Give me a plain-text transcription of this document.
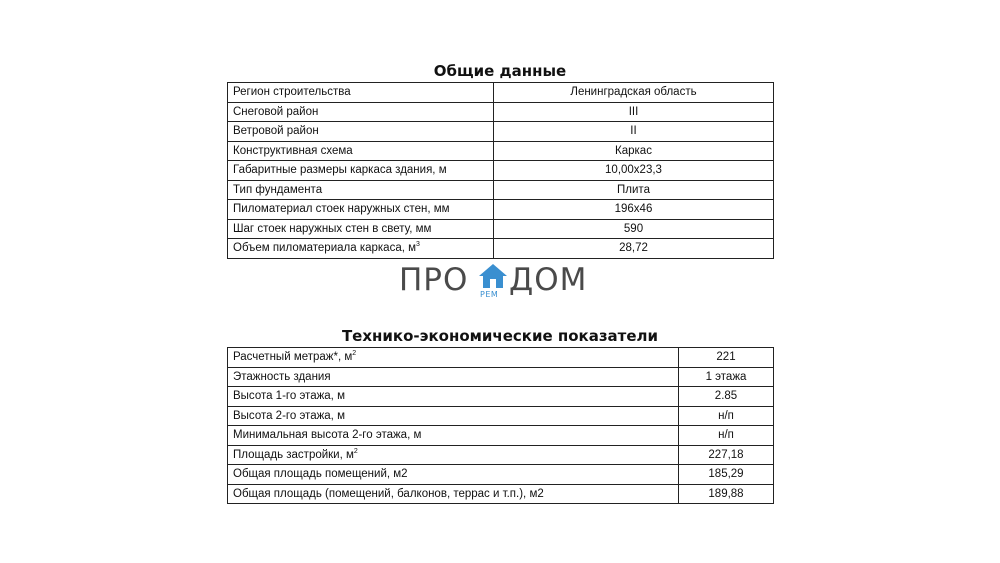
Общие данные
Регион строительства	Ленинградская область
Снеговой район	III
Ветровой район	II
Конструктивная схема	Каркас
Габаритные размеры каркаса здания, м	10,00х23,3
Тип фундамента	Плита
Пиломатериал стоек наружных стен, мм	196х46
Шаг стоек наружных стен в свету, мм	590
Объем пиломатериала каркаса, $м^3$	28,72
ПРО РЕМ ДОМ
Технико-экономические показатели
Расчетный метраж*, $м^2$	221
Этажность здания	1 этажа
Высота 1-го этажа, м	2.85
Высота 2-го этажа, м	н/п
Минимальная высота 2-го этажа, м	н/п
Площадь застройки, $м^2$	227,18
Общая площадь помещений, м2	185,29
Общая площадь (помещений, балконов, террас и т.п.), м2	189,88
